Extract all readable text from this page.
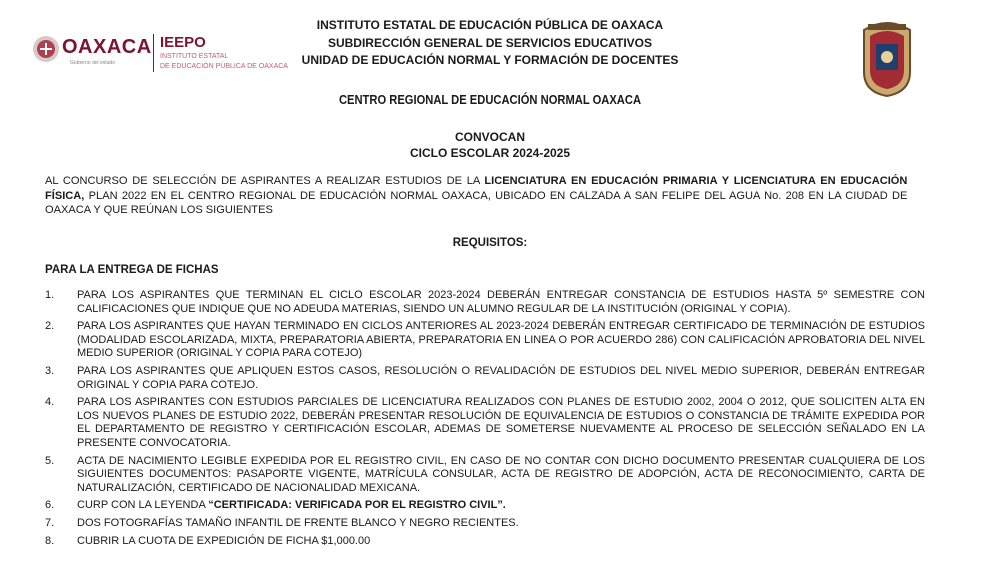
OAXACA
Gobierno del estado
IEEPO
INSTITUTO ESTATAL
DE EDUCACIÓN PÚBLICA DE OAXACA
INSTITUTO ESTATAL DE EDUCACIÓN PÚBLICA DE OAXACA
SUBDIRECCIÓN GENERAL DE SERVICIOS EDUCATIVOS
UNIDAD DE EDUCACIÓN NORMAL Y FORMACIÓN DE DOCENTES
CENTRO REGIONAL DE EDUCACIÓN NORMAL OAXACA
CONVOCAN
CICLO ESCOLAR 2024-2025
AL CONCURSO DE SELECCIÓN DE ASPIRANTES A REALIZAR ESTUDIOS DE LA LICENCIATURA EN EDUCACIÓN PRIMARIA Y LICENCIATURA EN EDUCACIÓN FÍSICA, PLAN 2022 EN EL CENTRO REGIONAL DE EDUCACIÓN NORMAL OAXACA, UBICADO EN CALZADA A SAN FELIPE DEL AGUA No. 208 EN LA CIUDAD DE OAXACA Y QUE REÚNAN LOS SIGUIENTES
REQUISITOS:
PARA LA ENTREGA DE FICHAS
1. PARA LOS ASPIRANTES QUE TERMINAN EL CICLO ESCOLAR 2023-2024 DEBERÁN ENTREGAR CONSTANCIA DE ESTUDIOS HASTA 5º SEMESTRE CON CALIFICACIONES QUE INDIQUE QUE NO ADEUDA MATERIAS, SIENDO UN ALUMNO REGULAR DE LA INSTITUCIÓN (ORIGINAL Y COPIA).
2. PARA LOS ASPIRANTES QUE HAYAN TERMINADO EN CICLOS ANTERIORES AL 2023-2024 DEBERÁN ENTREGAR CERTIFICADO DE TERMINACIÓN DE ESTUDIOS (MODALIDAD ESCOLARIZADA, MIXTA, PREPARATORIA ABIERTA, PREPARATORIA EN LINEA O POR ACUERDO 286) CON CALIFICACIÓN APROBATORIA DEL NIVEL MEDIO SUPERIOR (ORIGINAL Y COPIA PARA COTEJO)
3. PARA LOS ASPIRANTES QUE APLIQUEN ESTOS CASOS, RESOLUCIÓN O REVALIDACIÓN DE ESTUDIOS DEL NIVEL MEDIO SUPERIOR, DEBERÁN ENTREGAR ORIGINAL Y COPIA PARA COTEJO.
4. PARA LOS ASPIRANTES CON ESTUDIOS PARCIALES DE LICENCIATURA REALIZADOS CON PLANES DE ESTUDIO 2002, 2004 O 2012, QUE SOLICITEN ALTA EN LOS NUEVOS PLANES DE ESTUDIO 2022, DEBERÁN PRESENTAR RESOLUCIÓN DE EQUIVALENCIA DE ESTUDIOS O CONSTANCIA DE TRÁMITE EXPEDIDA POR EL DEPARTAMENTO DE REGISTRO Y CERTIFICACIÓN ESCOLAR, ADEMAS DE SOMETERSE NUEVAMENTE AL PROCESO DE SELECCIÓN SEÑALADO EN LA PRESENTE CONVOCATORIA.
5. ACTA DE NACIMIENTO LEGIBLE EXPEDIDA POR EL REGISTRO CIVIL, EN CASO DE NO CONTAR CON DICHO DOCUMENTO PRESENTAR CUALQUIERA DE LOS SIGUIENTES DOCUMENTOS: PASAPORTE VIGENTE, MATRÍCULA CONSULAR, ACTA DE REGISTRO DE ADOPCIÓN, ACTA DE RECONOCIMIENTO, CARTA DE NATURALIZACIÓN, CERTIFICADO DE NACIONALIDAD MEXICANA.
6. CURP CON LA LEYENDA “CERTIFICADA: VERIFICADA POR EL REGISTRO CIVIL”.
7. DOS FOTOGRAFÍAS TAMAÑO INFANTIL DE FRENTE BLANCO Y NEGRO RECIENTES.
8. CUBRIR LA CUOTA DE EXPEDICIÓN DE FICHA $1,000.00
